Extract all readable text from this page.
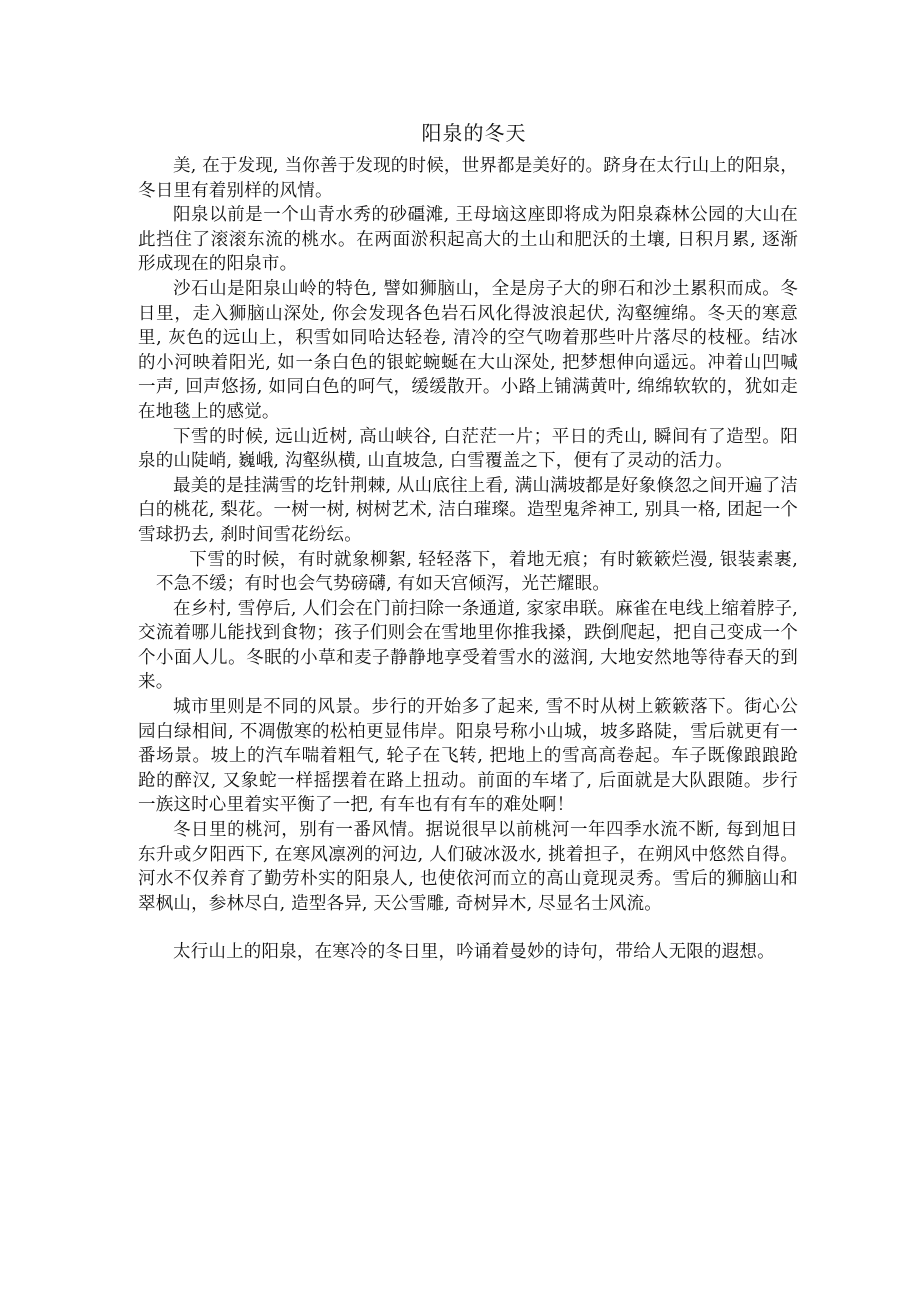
阳泉的冬天

美, 在于发现, 当你善于发现的时候，世界都是美好的。跻身在太行山上的阳泉，冬日里有着别样的风情。

阳泉以前是一个山青水秀的砂礓滩, 王母垴这座即将成为阳泉森林公园的大山在此挡住了滚滚东流的桃水。在两面淤积起高大的土山和肥沃的土壤, 日积月累, 逐渐形成现在的阳泉市。

沙石山是阳泉山岭的特色, 譬如狮脑山，全是房子大的卵石和沙土累积而成。冬日里，走入狮脑山深处, 你会发现各色岩石风化得波浪起伏, 沟壑缠绵。冬天的寒意里, 灰色的远山上，积雪如同哈达轻卷, 清冷的空气吻着那些叶片落尽的枝桠。结冰的小河映着阳光, 如一条白色的银蛇蜿蜒在大山深处, 把梦想伸向遥远。冲着山凹喊一声, 回声悠扬, 如同白色的呵气，缓缓散开。小路上铺满黄叶, 绵绵软软的，犹如走在地毯上的感觉。

下雪的时候, 远山近树, 高山峡谷, 白茫茫一片；平日的秃山, 瞬间有了造型。阳泉的山陡峭, 巍峨, 沟壑纵横, 山直坡急, 白雪覆盖之下，便有了灵动的活力。

最美的是挂满雪的圪针荆棘, 从山底往上看, 满山满坡都是好象倏忽之间开遍了洁白的桃花, 梨花。一树一树, 树树艺术, 洁白璀璨。造型鬼斧神工, 别具一格, 团起一个雪球扔去, 刹时间雪花纷纭。

下雪的时候，有时就象柳絮, 轻轻落下，着地无痕；有时簌簌烂漫, 银装素裹, 不急不缓；有时也会气势磅礴, 有如天宫倾泻，光芒耀眼。

在乡村, 雪停后, 人们会在门前扫除一条通道, 家家串联。麻雀在电线上缩着脖子, 交流着哪儿能找到食物；孩子们则会在雪地里你推我搡，跌倒爬起，把自己变成一个个小面人儿。冬眠的小草和麦子静静地享受着雪水的滋润, 大地安然地等待春天的到来。

城市里则是不同的风景。步行的开始多了起来, 雪不时从树上簌簌落下。街心公园白绿相间, 不凋傲寒的松柏更显伟岸。阳泉号称小山城，坡多路陡，雪后就更有一番场景。坡上的汽车喘着粗气, 轮子在飞转, 把地上的雪高高卷起。车子既像踉踉跄跄的醉汉, 又象蛇一样摇摆着在路上扭动。前面的车堵了, 后面就是大队跟随。步行一族这时心里着实平衡了一把, 有车也有有车的难处啊！

冬日里的桃河，别有一番风情。据说很早以前桃河一年四季水流不断, 每到旭日东升或夕阳西下, 在寒风凛冽的河边, 人们破冰汲水, 挑着担子，在朔风中悠然自得。河水不仅养育了勤劳朴实的阳泉人, 也使依河而立的高山竟现灵秀。雪后的狮脑山和翠枫山，参林尽白, 造型各异, 天公雪雕, 奇树异木, 尽显名士风流。

太行山上的阳泉，在寒冷的冬日里，吟诵着曼妙的诗句，带给人无限的遐想。
